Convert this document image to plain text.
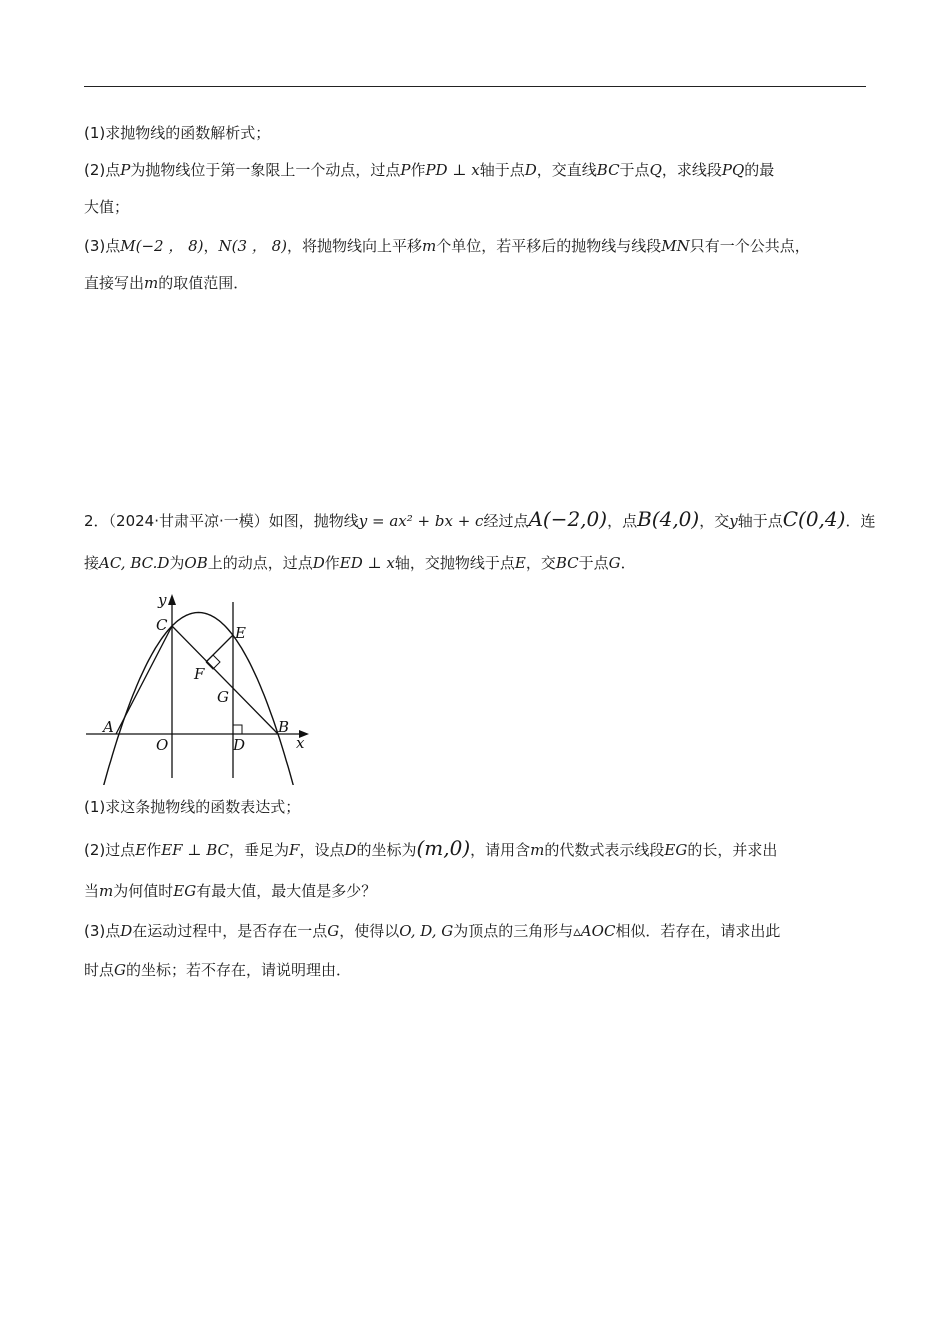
(1)求抛物线的函数解析式；
(2)点P为抛物线位于第一象限上一个动点，过点P作PD ⊥ x轴于点D，交直线BC于点Q，求线段PQ的最
大值；
(3)点M(−2 ， 8)，N(3 ， 8)，将抛物线向上平移m个单位，若平移后的抛物线与线段MN只有一个公共点，
直接写出m的取值范围．
2．（2024·甘肃平凉·一模）如图，抛物线y = ax² + bx + c经过点A(−2,0)，点B(4,0)，交y轴于点C(0,4)．连
接AC, BC.D为OB上的动点，过点D作ED ⊥ x轴，交抛物线于点E，交BC于点G．
y
x
C	E
F
G
A
O	D
B
(1)求这条抛物线的函数表达式；
(2)过点E作EF ⊥ BC，垂足为F，设点D的坐标为(m,0)，请用含m的代数式表示线段EG的长，并求出
当m为何值时EG有最大值，最大值是多少？
(3)点D在运动过程中，是否存在一点G，使得以O, D, G为顶点的三角形与▵AOC相似．若存在，请求出此
时点G的坐标；若不存在，请说明理由．
